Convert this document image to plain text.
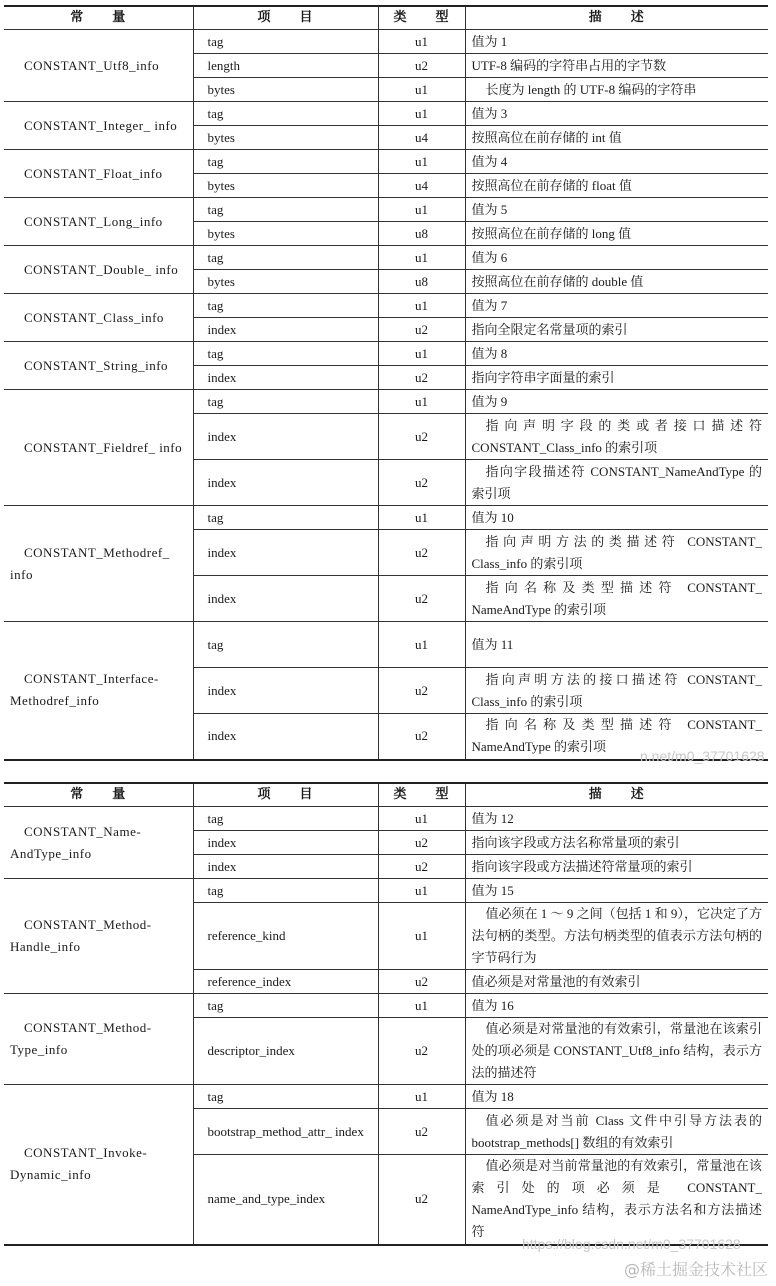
常　　量	项　　目	类　　型	描　　述
CONSTANT_Utf8_info	tag	u1	值为 1
	length	u2	UTF-8 编码的字符串占用的字节数
	bytes	u1	长度为 length 的 UTF-8 编码的字符串
CONSTANT_Integer_ info	tag	u1	值为 3
	bytes	u4	按照高位在前存储的 int 值
CONSTANT_Float_info	tag	u1	值为 4
	bytes	u4	按照高位在前存储的 float 值
CONSTANT_Long_info	tag	u1	值为 5
	bytes	u8	按照高位在前存储的 long 值
CONSTANT_Double_ info	tag	u1	值为 6
	bytes	u8	按照高位在前存储的 double 值
CONSTANT_Class_info	tag	u1	值为 7
	index	u2	指向全限定名常量项的索引
CONSTANT_String_info	tag	u1	值为 8
	index	u2	指向字符串字面量的索引
CONSTANT_Fieldref_ info	tag	u1	值为 9
	index	u2	指向声明字段的类或者接口描述符 CONSTANT_Class_info 的索引项
	index	u2	指向字段描述符 CONSTANT_NameAndType 的索引项
CONSTANT_Methodref_ info	tag	u1	值为 10
	index	u2	指向声明方法的类描述符 CONSTANT_ Class_info 的索引项
	index	u2	指向名称及类型描述符 CONSTANT_ NameAndType 的索引项
CONSTANT_Interface- Methodref_info	tag	u1	值为 11
	index	u2	指向声明方法的接口描述符 CONSTANT_ Class_info 的索引项
	index	u2	指向名称及类型描述符 CONSTANT_ NameAndType 的索引项
常　　量	项　　目	类　　型	描　　述
CONSTANT_Name- AndType_info	tag	u1	值为 12
	index	u2	指向该字段或方法名称常量项的索引
	index	u2	指向该字段或方法描述符常量项的索引
CONSTANT_Method- Handle_info	tag	u1	值为 15
	reference_kind	u1	值必须在 1 ～ 9 之间（包括 1 和 9），它决定了方法句柄的类型。方法句柄类型的值表示方法句柄的字节码行为
	reference_index	u2	值必须是对常量池的有效索引
CONSTANT_Method- Type_info	tag	u1	值为 16
	descriptor_index	u2	值必须是对常量池的有效索引，常量池在该索引处的项必须是 CONSTANT_Utf8_info 结构，表示方法的描述符
CONSTANT_Invoke- Dynamic_info	tag	u1	值为 18
	bootstrap_method_attr_ index	u2	值必须是对当前 Class 文件中引导方法表的 bootstrap_methods[] 数组的有效索引
	name_and_type_index	u2	值必须是对当前常量池的有效索引，常量池在该索引处的项必须是 CONSTANT_ NameAndType_info 结构，表示方法名和方法描述符
n.net/m0_37701628
https://blog.csdn.net/m0_37701628
@稀土掘金技术社区
